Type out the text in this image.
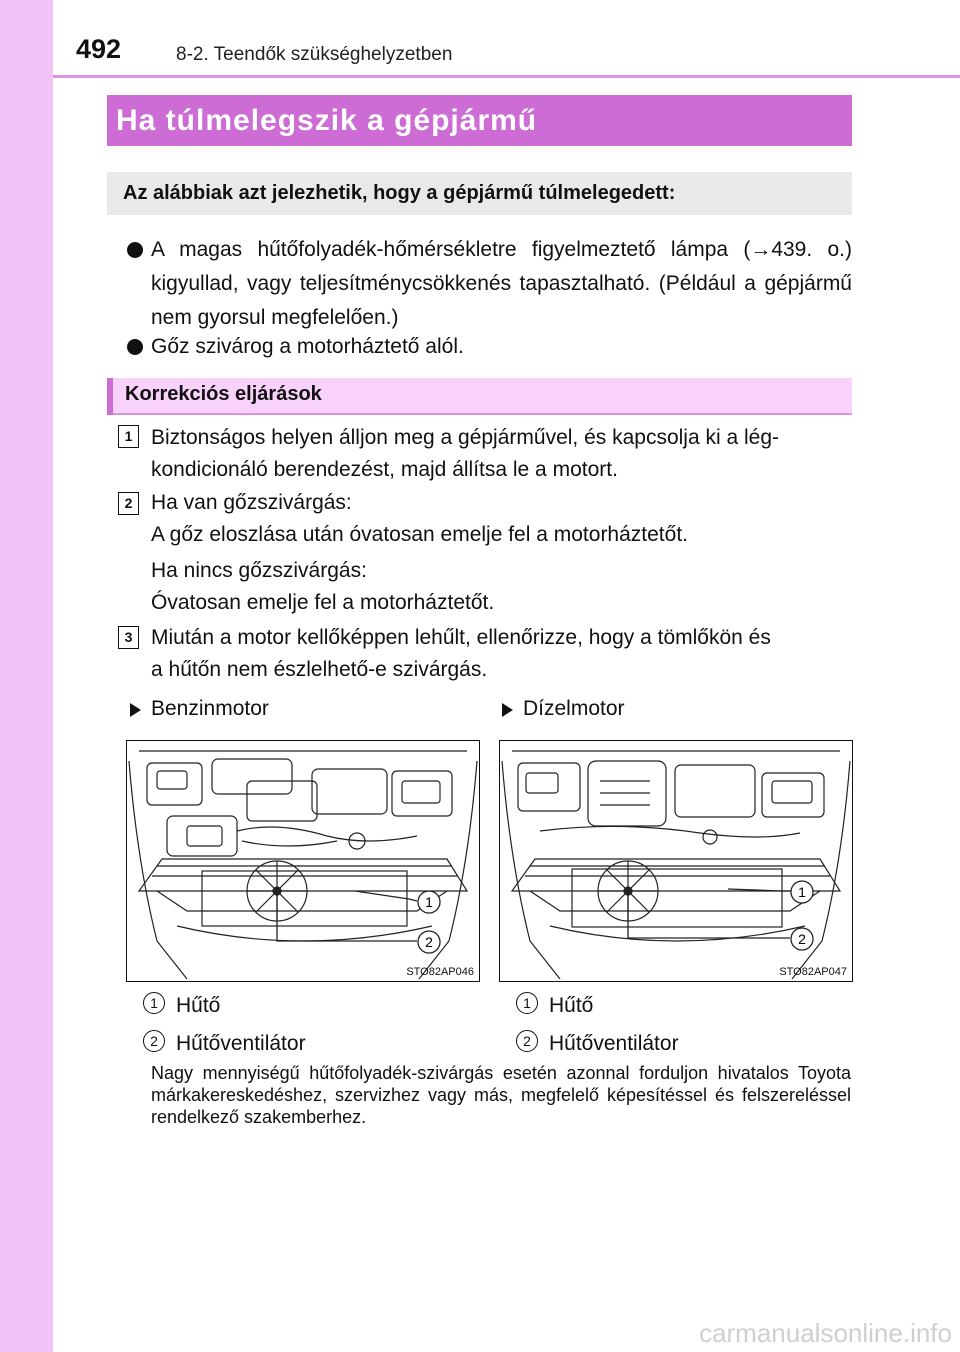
492	8-2. Teendők szükséghelyzetben
Ha túlmelegszik a gépjármű
Az alábbiak azt jelezhetik, hogy a gépjármű túlmelegedett:
A magas hűtőfolyadék-hőmérsékletre figyelmeztető lámpa (→439. o.) kigyullad, vagy teljesítménycsökkenés tapasztalható. (Például a gépjármű nem gyorsul megfelelően.)
Gőz szivárog a motorháztető alól.
Korrekciós eljárások
1 Biztonságos helyen álljon meg a gépjárművel, és kapcsolja ki a lég-
kondicionáló berendezést, majd állítsa le a motort.
2 Ha van gőzszivárgás:
A gőz eloszlása után óvatosan emelje fel a motorháztetőt.
Ha nincs gőzszivárgás:
Óvatosan emelje fel a motorháztetőt.
3 Miután a motor kellőképpen lehűlt, ellenőrizze, hogy a tömlőkön és
a hűtőn nem észlelhető-e szivárgás.
Benzinmotor	Dízelmotor
1
2
STO82AP046
1
2
STO82AP047
1 Hűtő
2 Hűtőventilátor
1 Hűtő
2 Hűtőventilátor
Nagy mennyiségű hűtőfolyadék-szivárgás esetén azonnal forduljon hivatalos Toyota márkakereskedéshez, szervizhez vagy más, megfelelő képesítéssel és felszereléssel rendelkező szakemberhez.
carmanualsonline.info
